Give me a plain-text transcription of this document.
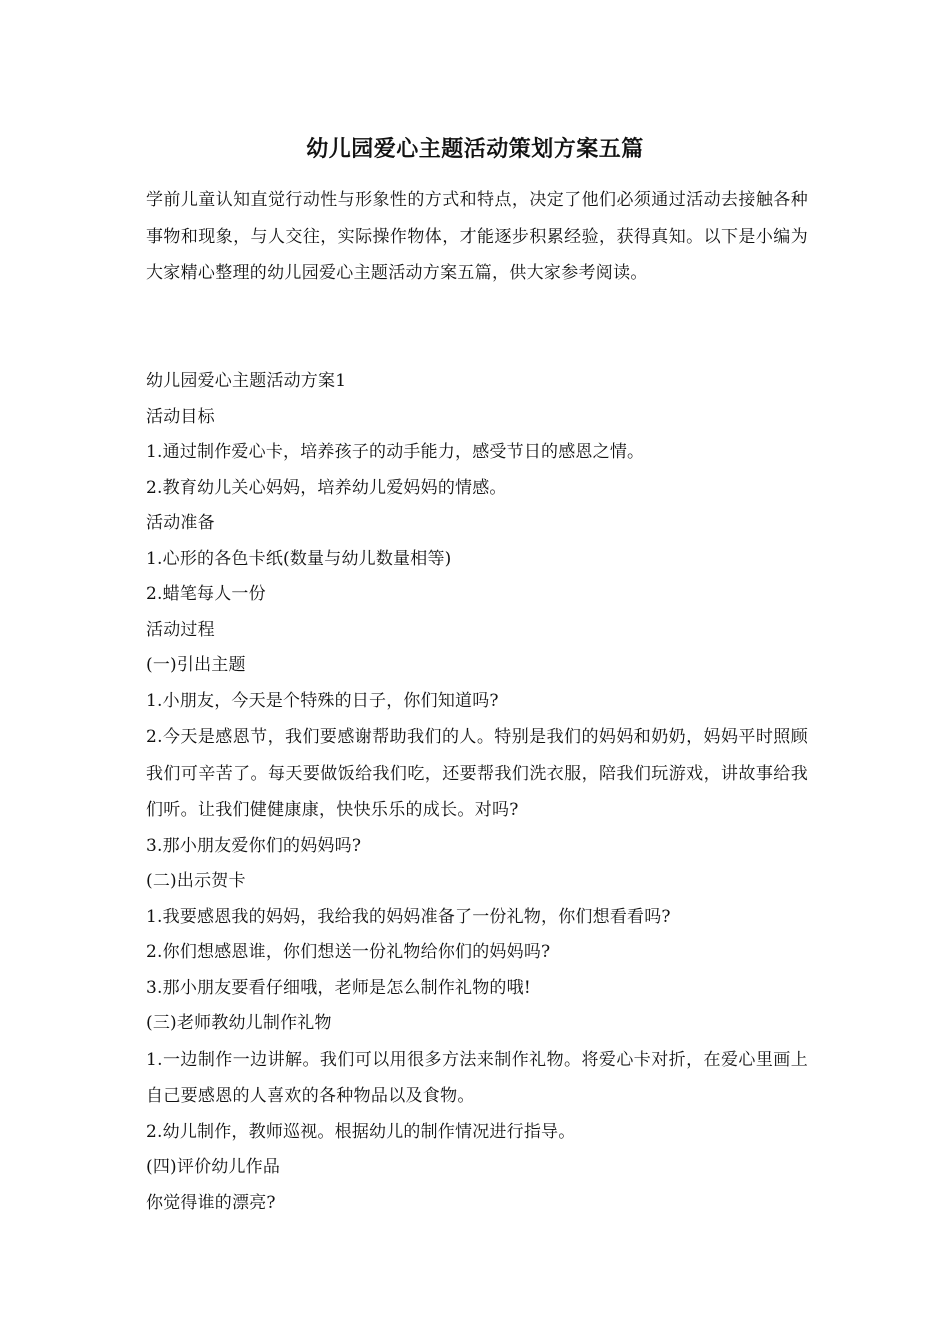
幼儿园爱心主题活动策划方案五篇
学前儿童认知直觉行动性与形象性的方式和特点，决定了他们必须通过活动去接触各种事物和现象，与人交往，实际操作物体，才能逐步积累经验，获得真知。以下是小编为大家精心整理的幼儿园爱心主题活动方案五篇，供大家参考阅读。
幼儿园爱心主题活动方案1
活动目标
1.通过制作爱心卡，培养孩子的动手能力，感受节日的感恩之情。
2.教育幼儿关心妈妈，培养幼儿爱妈妈的情感。
活动准备
1.心形的各色卡纸(数量与幼儿数量相等)
2.蜡笔每人一份
活动过程
(一)引出主题
1.小朋友，今天是个特殊的日子，你们知道吗?
2.今天是感恩节，我们要感谢帮助我们的人。特别是我们的妈妈和奶奶，妈妈平时照顾我们可辛苦了。每天要做饭给我们吃，还要帮我们洗衣服，陪我们玩游戏，讲故事给我们听。让我们健健康康，快快乐乐的成长。对吗?
3.那小朋友爱你们的妈妈吗?
(二)出示贺卡
1.我要感恩我的妈妈，我给我的妈妈准备了一份礼物，你们想看看吗?
2.你们想感恩谁，你们想送一份礼物给你们的妈妈吗?
3.那小朋友要看仔细哦，老师是怎么制作礼物的哦!
(三)老师教幼儿制作礼物
1.一边制作一边讲解。我们可以用很多方法来制作礼物。将爱心卡对折，在爱心里画上自己要感恩的人喜欢的各种物品以及食物。
2.幼儿制作，教师巡视。根据幼儿的制作情况进行指导。
(四)评价幼儿作品
你觉得谁的漂亮?
